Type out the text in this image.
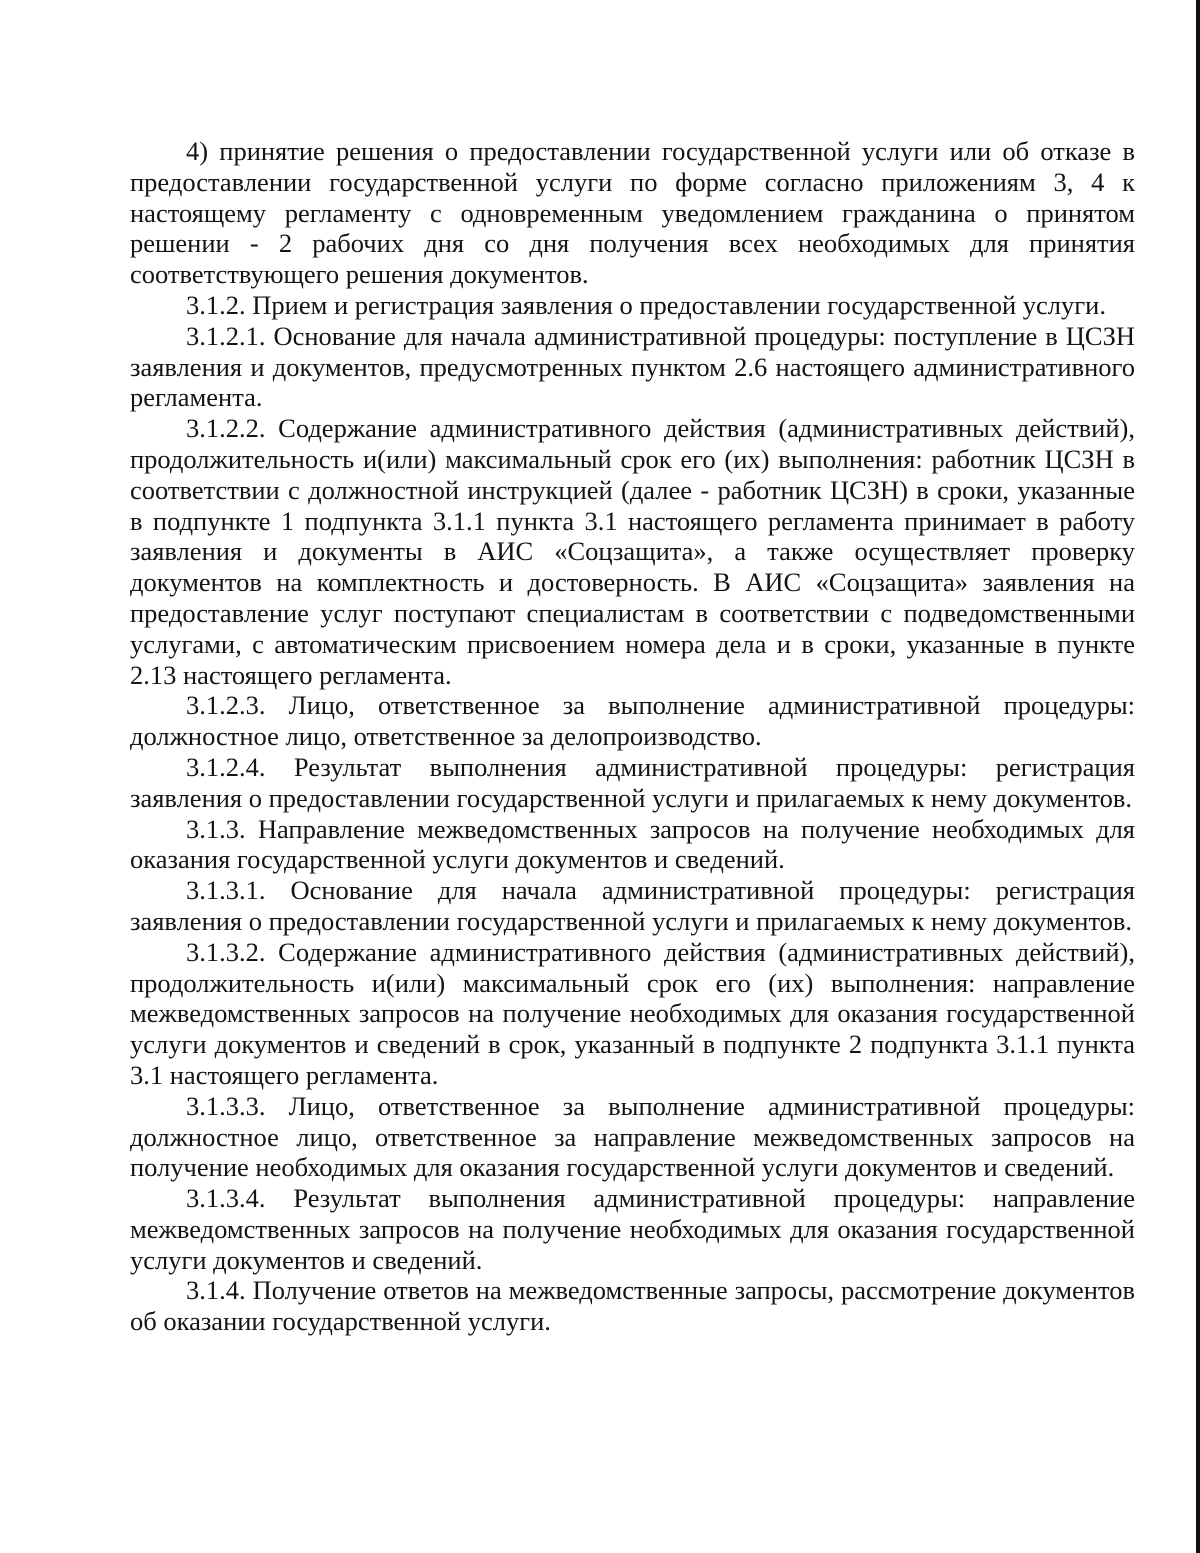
4) принятие решения о предоставлении государственной услуги или об отказе в предоставлении государственной услуги по форме согласно приложениям 3, 4 к настоящему регламенту с одновременным уведомлением гражданина о принятом решении - 2 рабочих дня со дня получения всех необходимых для принятия соответствующего решения документов.

3.1.2. Прием и регистрация заявления о предоставлении государственной услуги.

3.1.2.1. Основание для начала административной процедуры: поступление в ЦСЗН заявления и документов, предусмотренных пунктом 2.6 настоящего административного регламента.

3.1.2.2. Содержание административного действия (административных действий), продолжительность и(или) максимальный срок его (их) выполнения: работник ЦСЗН в соответствии с должностной инструкцией (далее - работник ЦСЗН) в сроки, указанные в подпункте 1 подпункта 3.1.1 пункта 3.1 настоящего регламента принимает в работу заявления и документы в АИС «Соцзащита», а также осуществляет проверку документов на комплектность и достоверность. В АИС «Соцзащита» заявления на предоставление услуг поступают специалистам в соответствии с подведомственными услугами, с автоматическим присвоением номера дела и в сроки, указанные в пункте 2.13 настоящего регламента.

3.1.2.3. Лицо, ответственное за выполнение административной процедуры: должностное лицо, ответственное за делопроизводство.

3.1.2.4. Результат выполнения административной процедуры: регистрация заявления о предоставлении государственной услуги и прилагаемых к нему документов.

3.1.3. Направление межведомственных запросов на получение необходимых для оказания государственной услуги документов и сведений.

3.1.3.1. Основание для начала административной процедуры: регистрация заявления о предоставлении государственной услуги и прилагаемых к нему документов.

3.1.3.2. Содержание административного действия (административных действий), продолжительность и(или) максимальный срок его (их) выполнения: направление межведомственных запросов на получение необходимых для оказания государственной услуги документов и сведений в срок, указанный в подпункте 2 подпункта 3.1.1 пункта 3.1 настоящего регламента.

3.1.3.3. Лицо, ответственное за выполнение административной процедуры: должностное лицо, ответственное за направление межведомственных запросов на получение необходимых для оказания государственной услуги документов и сведений.

3.1.3.4. Результат выполнения административной процедуры: направление межведомственных запросов на получение необходимых для оказания государственной услуги документов и сведений.

3.1.4. Получение ответов на межведомственные запросы, рассмотрение документов об оказании государственной услуги.
